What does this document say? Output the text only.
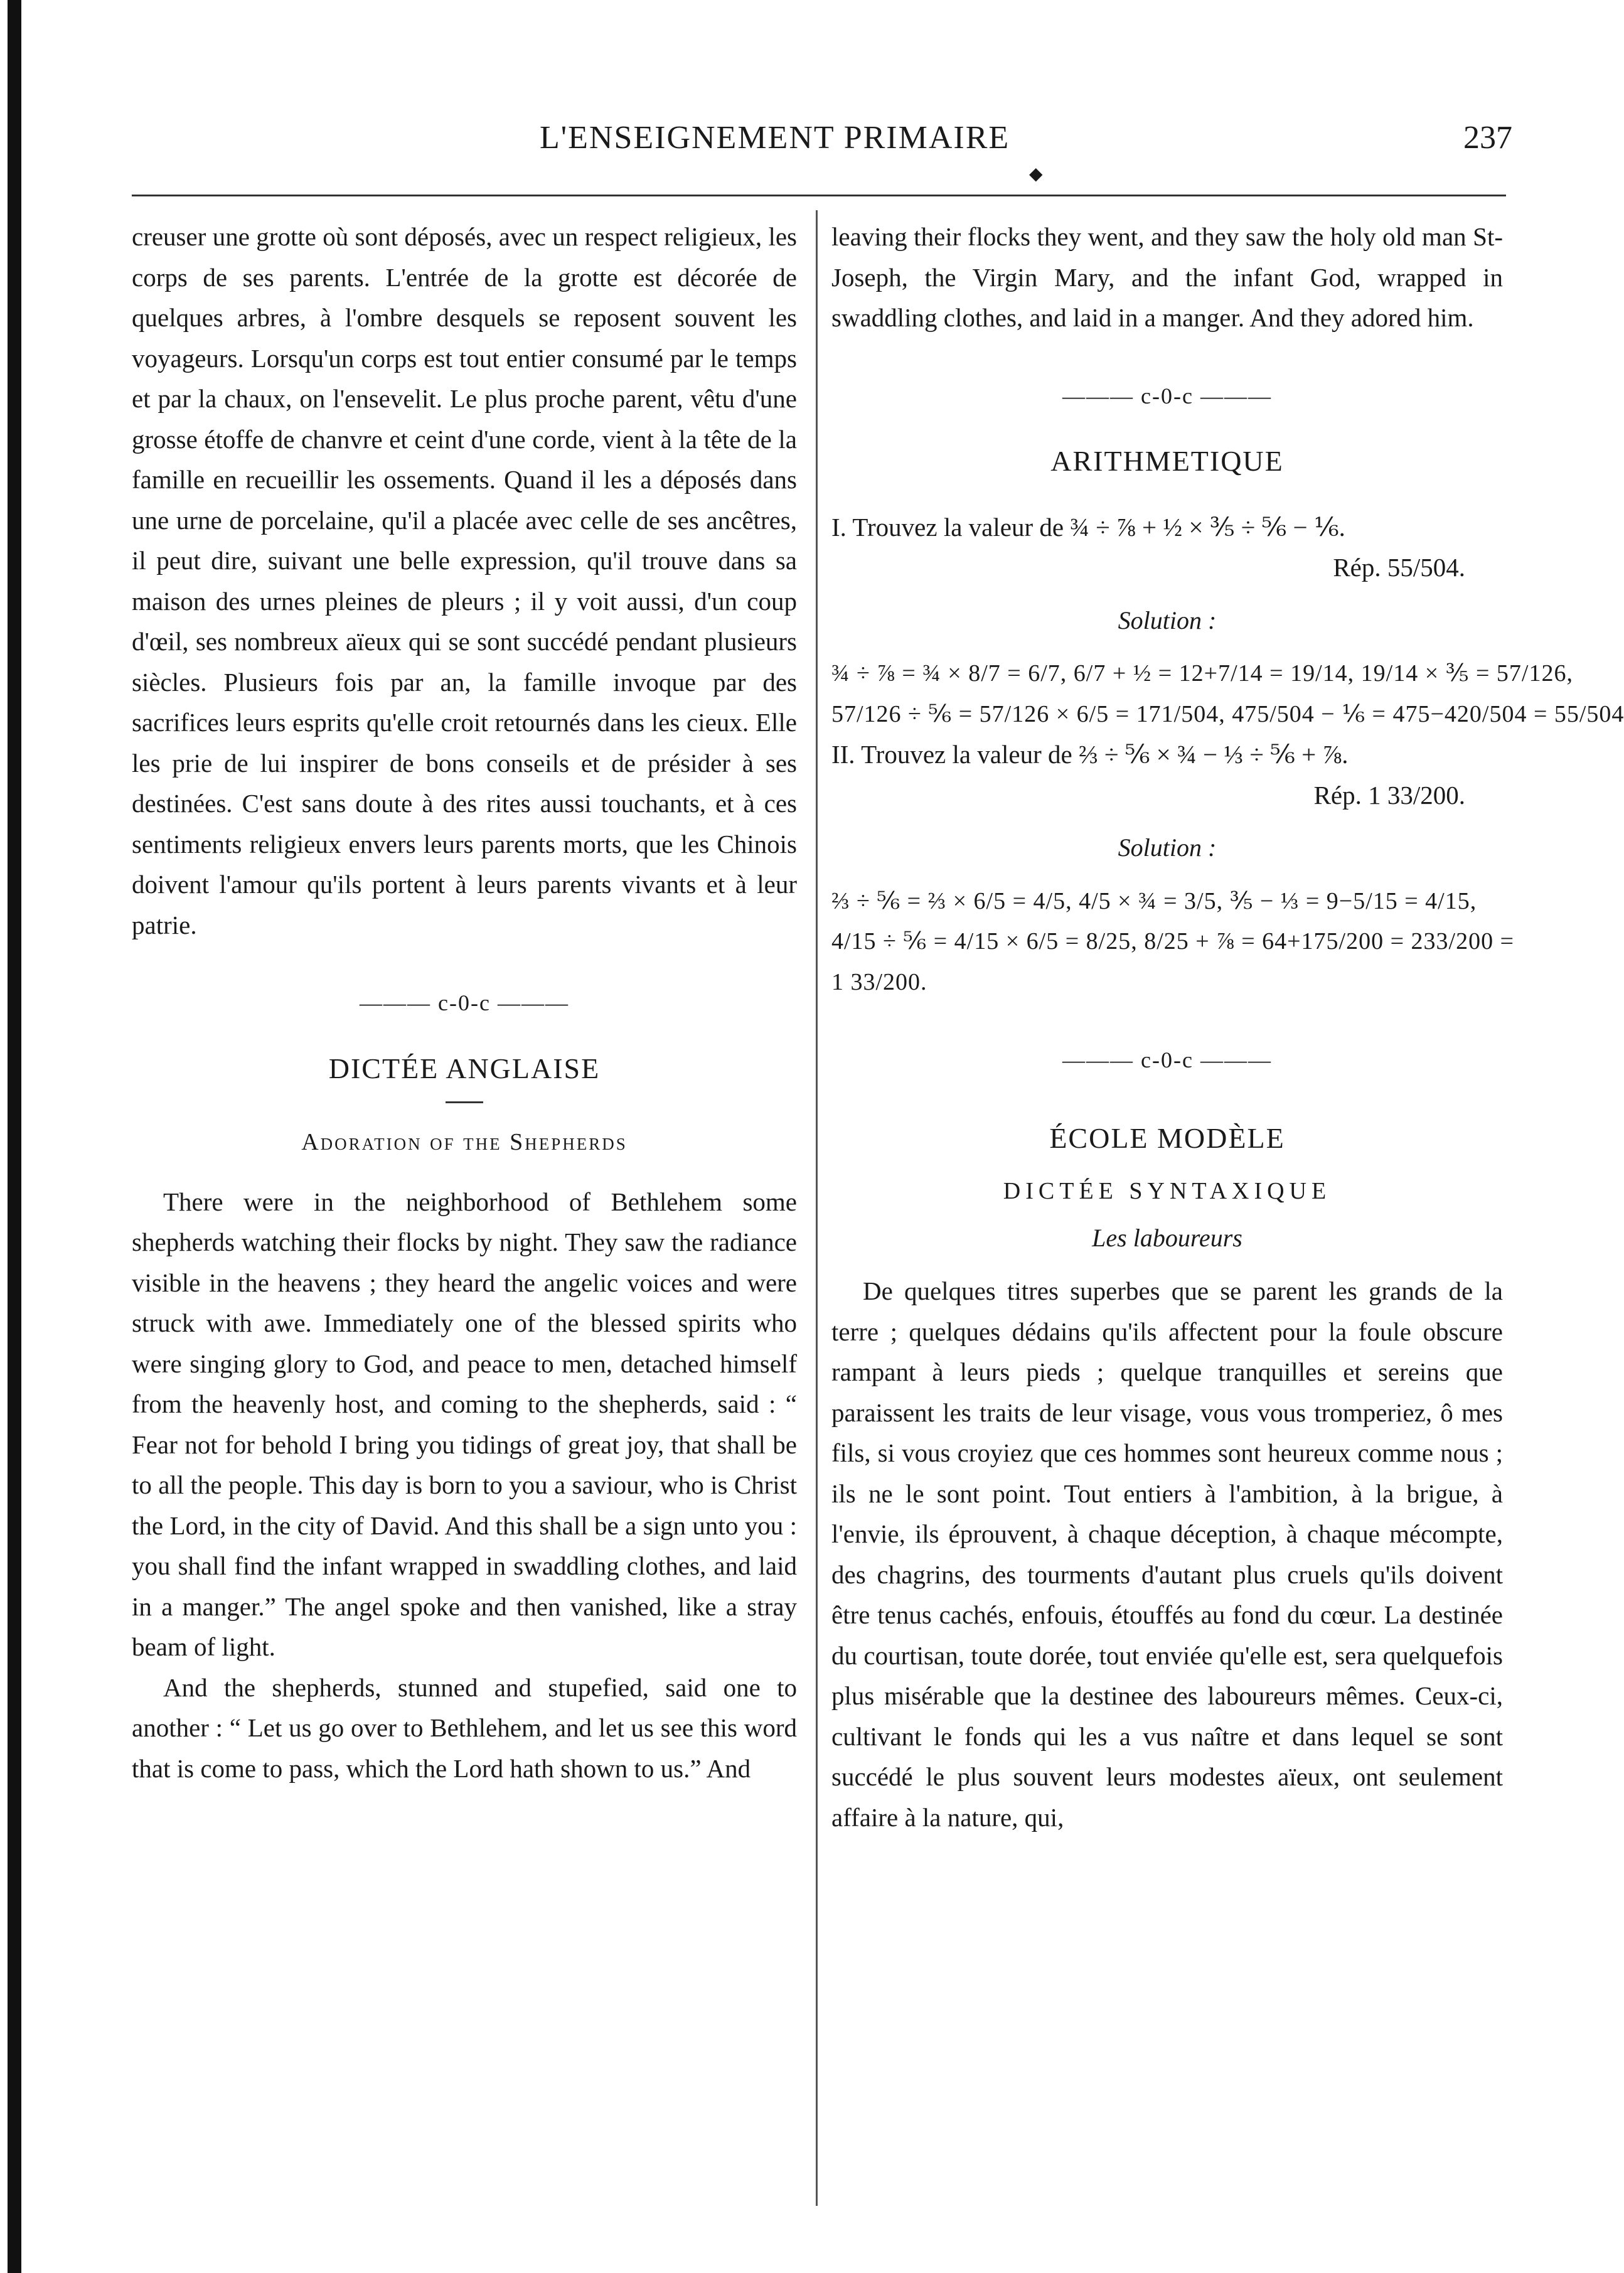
L'ENSEIGNEMENT PRIMAIRE
◆
237

creuser une grotte où sont déposés, avec un respect religieux, les corps de ses parents. L'entrée de la grotte est décorée de quelques arbres, à l'ombre desquels se reposent souvent les voyageurs. Lorsqu'un corps est tout entier consumé par le temps et par la chaux, on l'ensevelit. Le plus proche parent, vêtu d'une grosse étoffe de chanvre et ceint d'une corde, vient à la tête de la famille en recueillir les ossements. Quand il les a déposés dans une urne de porcelaine, qu'il a placée avec celle de ses ancêtres, il peut dire, suivant une belle expression, qu'il trouve dans sa maison des urnes pleines de pleurs ; il y voit aussi, d'un coup d'œil, ses nombreux aïeux qui se sont succédé pendant plusieurs siècles. Plusieurs fois par an, la famille invoque par des sacrifices leurs esprits qu'elle croit retournés dans les cieux. Elle les prie de lui inspirer de bons conseils et de présider à ses destinées. C'est sans doute à des rites aussi touchants, et à ces sentiments religieux envers leurs parents morts, que les Chinois doivent l'amour qu'ils portent à leurs parents vivants et à leur patrie.

——— c-0-c ———
DICTÉE ANGLAISE
Adoration of the Shepherds

There were in the neighborhood of Bethlehem some shepherds watching their flocks by night. They saw the radiance visible in the heavens ; they heard the angelic voices and were struck with awe. Immediately one of the blessed spirits who were singing glory to God, and peace to men, detached himself from the heavenly host, and coming to the shepherds, said : “ Fear not for behold I bring you tidings of great joy, that shall be to all the people. This day is born to you a saviour, who is Christ the Lord, in the city of David. And this shall be a sign unto you : you shall find the infant wrapped in swaddling clothes, and laid in a manger.” The angel spoke and then vanished, like a stray beam of light.

And the shepherds, stunned and stupefied, said one to another : “ Let us go over to Bethlehem, and let us see this word that is come to pass, which the Lord hath shown to us.” And

leaving their flocks they went, and they saw the holy old man St-Joseph, the Virgin Mary, and the infant God, wrapped in swaddling clothes, and laid in a manger. And they adored him.

——— c-0-c ———
ARITHMETIQUE

I. Trouvez la valeur de ¾ ÷ ⅞ + ½ × ⅗ ÷ ⅚ − ⅙.

Rép. 55/504.

Solution :

¾ ÷ ⅞ = ¾ × 8/7 = 6/7, 6/7 + ½ = 12+7/14 = 19/14, 19/14 × ⅗ = 57/126,

57/126 ÷ ⅚ = 57/126 × 6/5 = 171/504, 475/504 − ⅙ = 475−420/504 = 55/504

II. Trouvez la valeur de ⅔ ÷ ⅚ × ¾ − ⅓ ÷ ⅚ + ⅞.

Rép. 1 33/200.

Solution :

⅔ ÷ ⅚ = ⅔ × 6/5 = 4/5, 4/5 × ¾ = 3/5, ⅗ − ⅓ = 9−5/15 = 4/15,

4/15 ÷ ⅚ = 4/15 × 6/5 = 8/25, 8/25 + ⅞ = 64+175/200 = 233/200 =

1 33/200.

——— c-0-c ———
ÉCOLE MODÈLE
DICTÉE SYNTAXIQUE
Les laboureurs

De quelques titres superbes que se parent les grands de la terre ; quelques dédains qu'ils affectent pour la foule obscure rampant à leurs pieds ; quelque tranquilles et sereins que paraissent les traits de leur visage, vous vous tromperiez, ô mes fils, si vous croyiez que ces hommes sont heureux comme nous ; ils ne le sont point. Tout entiers à l'ambition, à la brigue, à l'envie, ils éprouvent, à chaque déception, à chaque mécompte, des chagrins, des tourments d'autant plus cruels qu'ils doivent être tenus cachés, enfouis, étouffés au fond du cœur. La destinée du courtisan, toute dorée, tout enviée qu'elle est, sera quelquefois plus misérable que la destinee des laboureurs mêmes. Ceux-ci, cultivant le fonds qui les a vus naître et dans lequel se sont succédé le plus souvent leurs modestes aïeux, ont seulement affaire à la nature, qui,
